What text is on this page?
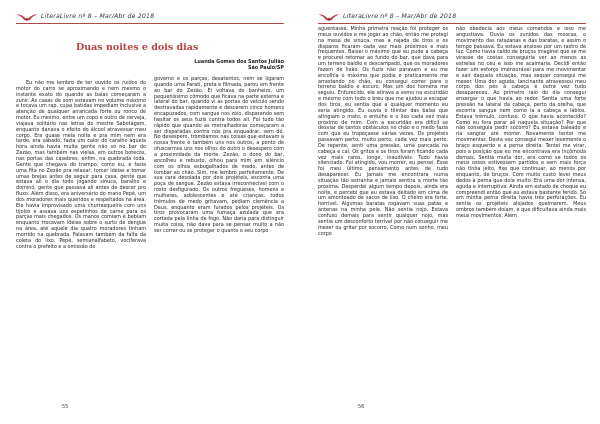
LiteraLivre nº 8 – Mar/Abr de 2018
Duas noites e dois dias

Eu não me lembro de ter ouvido os ruídos do motor do carro se aproximando e nem mesmo o instante exato do quando as balas começaram a zunir. As casas de som estavam no volume máximo e tocava um rap, cujas batidas impediam inclusive a atenção de qualquer arrancada forte ou ronco de motor. Eu mesmo, entre um copo e outro de cerveja, viajava solitário nas letras do mestre Sabotagem, enquanto danava o efeito do álcool atravessar meu corpo. Era quase meia noite e pra mim nem era tarde, era sábado, fazia um calor do caralho àquela hora ainda havia muita gente não só no bar do Zezão, mas também nas vielas, em outros botecos, nas portas das casebres, enfim, na quebrada toda. Gente que chegava do trampo, como eu, e fazia uma fita no Zezão pra relaxar, torcer ideias e tomar umas brejas antes de seguir para casa, gente que estava ali o dia todo jogando sinuca, baralho e dominó, gente que passava ali antes de descer pro fluxo. Além disso, era aniversário do mano Pepê, um dos moradores mais queridos e respeitados na área. Ele havia improvisado uma churrasqueira com uns tijolos e assava uns espetinhos de carne para os parças mais chegados. Os manos comiam e bebiam enquanto trocavam ideias sobre o surto de dengue na área, até aquele dia quatro moradores tinham morrido na quebrada. Falavam também da falta da coleta do lixo. Pepê, semianalfabeto, vociferava contra o prefeito e a omissão do

Luanda Gomes dos Santos Julião
São Paulo/SP

governo e os parças, desatentos, nem se ligaram quando uma Parati, preta e filmada, parou em frente ao bar do Zezão. Ei voltava do banheiro, um pequeníssimo cômodo que ficava na parte externa e lateral do bar, quando vi as portas do veículo sendo destravadas rapidamente e descerem cinco homens encapuzados, com sangue nos zóio, disparando sem hesitar os seus fuzis contra todos ali. Foi tudo tão rápido que quando as metralhadoras começaram a ser disparadas contra nós pra enquadrar, sem dó. No desespero, trombamos nas coisas que estavam a nossa frente e também uns nos outros, a ponto de ofuscarmos uns nos olhos do outro o desespero com a proximidade da morte. Zezão, o dono do bar, encolheu e rebusto, olhou para mim em silêncio com os olhos esbugalhados de medo, antes de tombar ao chão. Sim, me lembro perfeitamente. De sua cara desolada por dois projéteis, escorria uma poça de sangue. Zezão estava irreconhecível com o rosto desfigurado. Os outros fregueses, homens e mulheres, adolescentes e até crianças, todos trêmulos de medo gritavam, pediam clemência a Deus, enquanto eram furados pelos projéteis. Os tiros provocaram uma fumaça azulada que era cortada pela linha de fogo. Não daria para distinguir muita coisa, não dava para se pensar muito a não ser correr ou se proteger o quanto o seu corpo

55
LiteraLivre nº 8 – Mar/Abr de 2018

aguentasse. Minha primeira reação foi proteger os meus ouvidos e me jogar ao chão, então me protegi na mesa de sinuca, mas a rajada de tiros e os disparos ficaram cada vez mais próximos e mais frequentes. Baixei o máximo que eu pude a cabeça e procurei retomar ao fundo do bar, que dava para um terreno baldio e descampado, que os moradores fazem de lixão. Os fuzis não paravam e eu me encolhia o máximo que podia e praticamente me arrastando no chão, eu consegui correr para o terreno baldio e escuro. Mas um dos homens me seguiu. Enfurecido, ele atirava a esmo na escuridão e mesmo com todo o breu que me ajudou a escapar dos tiros, eu sentia que a qualquer momento eu seria atingido. Eu ouvia o tilintar das balas que atingiam o mato, o entulho e o lixo cada vez mais próximo de mim. Com a escuridão era difícil se desviar de tantos obstáculos no chão e o medo fazia com que eu tropeçasse várias vezes. Os projéteis passavam perto, muito perto, cada vez mais perto. De repente, senti uma pressão, uma pancada na cabeça e caí. Os gritos e os tiros foram ficando cada vez mais raros, longe, inaudíveis. Tudo havia silenciado. Fui atingido, vou morrer, eu pensei. Esse foi meu último pensamento antes de tudo desaparecer. Eu jamais me encontrara numa situação tão estranha e jamais sentira a morte tão próxima. Desperdei algum tempo depois, ainda era noite, e percebi que eu estava deitado em cima de um amontoado de sacos de lixo. O cheiro era forte, horrível. Algumas baratas rogavam suas patas e antenas na minha pele. Não sentia nojo. Estava confuso demais para sentir qualquer nojo, mas sentia um desconforto terrível por não conseguir me mexer ou gritar por socorro. Como num sonho, meu corpo

não obedecia aos meus comandos e isso me angustiava. Ouvia os zunidos das moscas, o movimento das ratazanas e das baratas, e assim o tempo passava. Eu estava ansioso por um rastro de luz. Como havia caído de bruços imaginei que se me virasse de costas conseguiria ver ao menos as estrelas no céu e isso me acalmaria. Decidi então fazer um esforço imensurável para me movimentar e sair daquela situação, mas sequer consegui me mexer. Uma dor aguda, lancinante atravessou meu corpo dos pés à cabeça e outra vez tudo desapareceu. Ao primeiro raio do dia consegui enxergar o que havia ao redor. Sentia uma forte pressão na lateral da cabeça, perto da orelha, que escorria sangue nem como ia a cabeça e lábios. Estava trêmulo, confuso. O que havia acontecido? Como eu fora parar ali naquela situação? Por que não conseguia pedir socorro? Eu estava baleado e ria sangrar até morrer. Novamente tentei me movimentar. Desta vez consegui mexer levemente o braço esquerdo e a perna direita. Tentei me virar, pois a posição que eu me encontrava era incômoda demais. Sentia muita dor, era como se todos os meus ossos estivessem partidos e sem mais força não tinha jeito, fixe que continuar, ao menos por enquanto, de bruços. Com muito custo levei meus dedos à perna que doía muito. Era uma dor intensa, aguda e interruptiva. Ainda em estado de choque eu compreendi então que eu estava bastante ferido. Só em minha perna direita havia três perfurações. Eu sentia os projéteis alojados queimarem. Meus ombros também doíam, e que dificultava ainda mais meus movimentos. Além

56
